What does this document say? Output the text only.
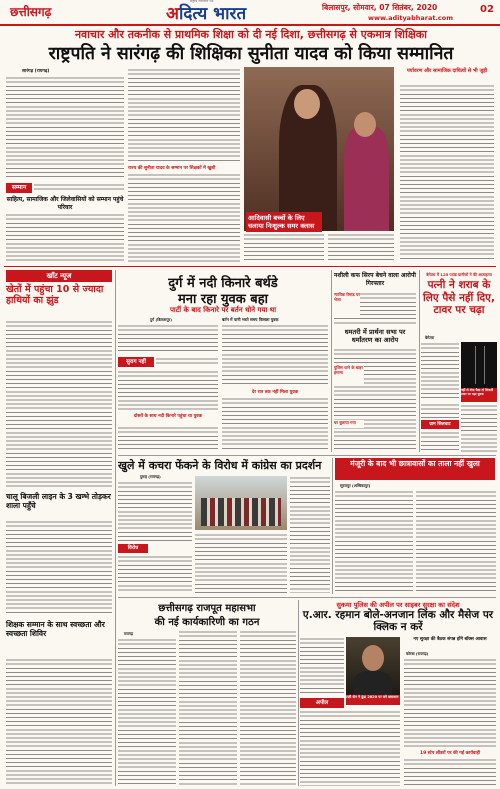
छत्तीसगढ़	अदित्य भारत
राष्ट्रीय समाचार पत्र
बिलासपुर, सोमवार, 07 सितंबर, 2020
www.adityabharat.com
02
नवाचार और तकनीक से प्राथमिक शिक्षा को दी नई दिशा, छत्तीसगढ़ से एकमात्र शिक्षिका
राष्ट्रपति ने सारंगढ़ की शिक्षिका सुनीता यादव को किया सम्मानित
सारंगढ़ (रायगढ़)
सम्मान
साहित्य, सामाजिक और जिलेवासियों को सम्मान पहुंचे परिवार
राज्य की सुनीता यादव के सम्मान पर शिक्षकों में खुशी
आदिवासी बच्चों के लिए चलाया निःशुल्क समर क्लास
पर्यावरण और सामाजिक दायित्वों से भी जुड़ी
खाँट न्यूज
खेतों में पहुंचा 10 से ज्यादा हाथियों का झुंड
चालू बिजली लाइन के 3 खम्भे तोड़कर शाला पहुँचे
शिक्षक सम्मान के साथ स्वच्छता और स्वच्छता शिविर
दुर्ग में नदी किनारे बर्थडे
मना रहा युवक बहा
पार्टी के बाद किनारे पर बर्तन धोने गया था
दुर्ग (बिलासपुर)
सुराग नहीं
दोस्तों के साथ नदी किनारे पहुंचा था युवक
बर्तन में पानी भरते समय फिसला युवक
देर रात तक नहीं मिला युवक
नशीली कफ सिरप बेचने वाला आरोपी गिरफ्तार
न्यायिक रिमांड पर भेजा
धमतरी में प्रार्थना सभा पर धर्मांतरण का आरोप
पुलिस थाने के बाहर हंगामा
घर बुलाया गया
बेमेतरा में 125 पाउंड ग्रामीणों ने की आत्महत्या
पत्नी ने शराब के लिए पैसे नहीं दिए, टावर पर चढ़ा
बेमेतरा
नहीं ले लेता पैसा तो बिजली टावर पर चढ़ा युवक
ग्राम सिलघाट
खुले में कचरा फेंकने के विरोध में कांग्रेस का प्रदर्शन
दुरूह (रायगढ़)
विरोध
मंजूरी के बाद भी छात्रावासों का ताला नहीं खुला
सूरजपुर (अम्बिकापुर)
छत्तीसगढ़ राजपूत महासभा
की नई कार्यकारिणी का गठन
रायगढ़
सुकमा पुलिस की अपील पर साइबर सुरक्षा का संदेश
ए.आर. रहमान बोले-अनजान लिंक और मैसेज पर क्लिक न करें
टाटी सेन ने ढूंढा 2020 पर बने समाधान
अपील
नए सुरक्षा की बैठक संपन्न होंगे बॉक्स आवास
कोरबा (रायगढ़)
19 स्टेप लीडरों पर की गई कार्यवाही
